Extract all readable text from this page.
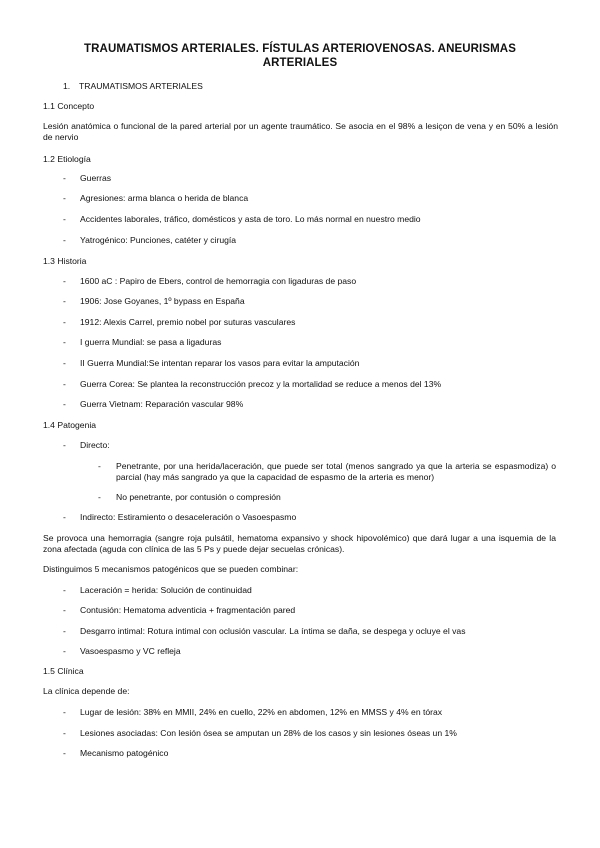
TRAUMATISMOS ARTERIALES. FÍSTULAS ARTERIOVENOSAS. ANEURISMAS ARTERIALES
1. TRAUMATISMOS ARTERIALES
1.1 Concepto
Lesión anatómica o funcional de la pared arterial por un agente traumático. Se asocia en el 98% a lesiçon de vena y en 50% a lesión de nervio
1.2 Etiología
- Guerras
- Agresiones: arma blanca o herida de blanca
- Accidentes laborales, tráfico, domésticos y asta de toro. Lo más normal en nuestro medio
- Yatrogénico: Punciones, catéter y cirugía
1.3 Historia
- 1600 aC : Papiro de Ebers, control de hemorragia con ligaduras de paso
- 1906: Jose Goyanes, 1º bypass en España
- 1912: Alexis Carrel, premio nobel por suturas vasculares
- I guerra Mundial: se pasa a ligaduras
- II Guerra Mundial:Se intentan reparar los vasos para evitar la amputación
- Guerra Corea: Se plantea la reconstrucción precoz y la mortalidad se reduce a menos del 13%
- Guerra Vietnam: Reparación vascular 98%
1.4 Patogenia
- Directo:
- Penetrante, por una herida/laceración, que puede ser total (menos sangrado ya que la arteria se espasmodiza) o parcial (hay más sangrado ya que la capacidad de espasmo de la arteria es menor)
- No penetrante, por contusión o compresión
- Indirecto: Estiramiento o desaceleración o Vasoespasmo
Se provoca una hemorragia (sangre roja pulsátil, hematoma expansivo y shock hipovolémico) que dará lugar a una isquemia de la zona afectada (aguda con clínica de las 5 Ps y puede dejar secuelas crónicas).
Distinguimos 5 mecanismos patogénicos que se pueden combinar:
- Laceración = herida: Solución de continuidad
- Contusión: Hematoma adventicia + fragmentación pared
- Desgarro intimal: Rotura intimal con oclusión vascular. La íntima se daña, se despega y ocluye el vas
- Vasoespasmo y VC refleja
1.5 Clínica
La clínica depende de:
- Lugar de lesión: 38% en MMII, 24% en cuello, 22% en abdomen, 12% en MMSS y 4% en tórax
- Lesiones asociadas: Con lesión ósea se amputan un 28% de los casos y sin lesiones óseas un 1%
- Mecanismo patogénico
